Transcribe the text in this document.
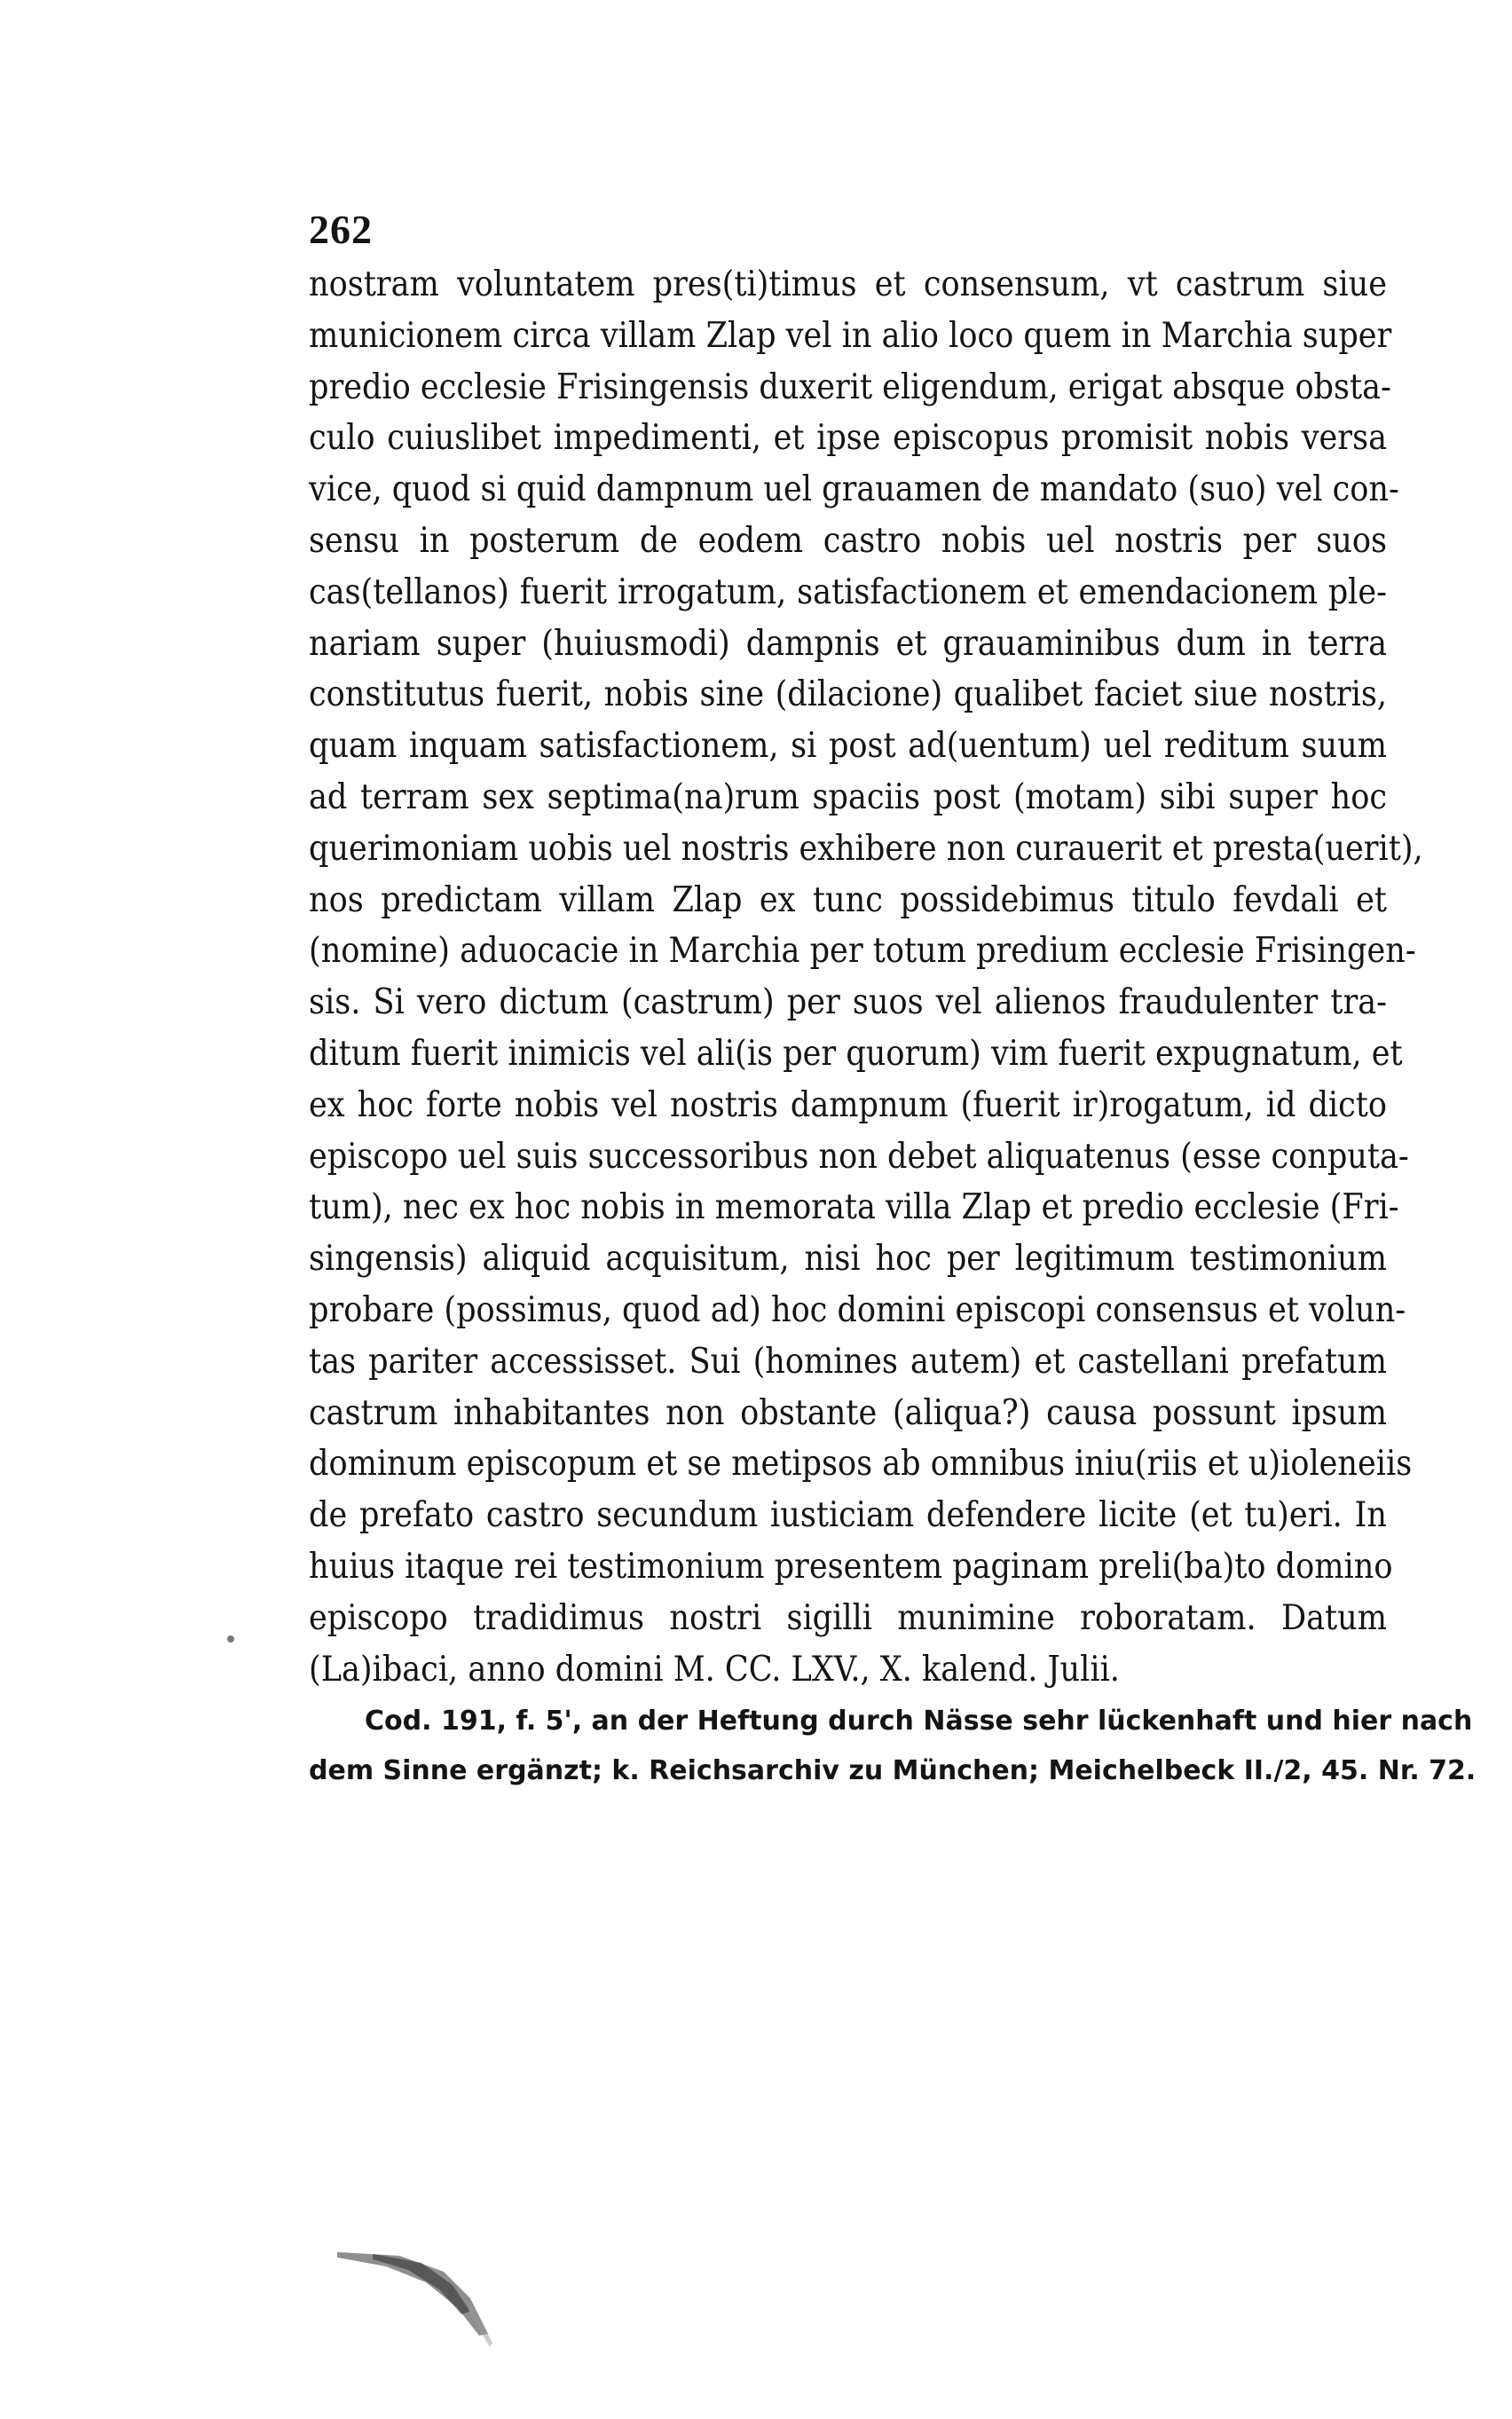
262
nostram voluntatem pres(ti)timus et consensum, vt castrum siue
municionem circa villam Zlap vel in alio loco quem in Marchia super
predio ecclesie Frisingensis duxerit eligendum, erigat absque obsta-
culo cuiuslibet impedimenti, et ipse episcopus promisit nobis versa
vice, quod si quid dampnum uel grauamen de mandato (suo) vel con-
sensu in posterum de eodem castro nobis uel nostris per suos
cas(tellanos) fuerit irrogatum, satisfactionem et emendacionem ple-
nariam super (huiusmodi) dampnis et grauaminibus dum in terra
constitutus fuerit, nobis sine (dilacione) qualibet faciet siue nostris,
quam inquam satisfactionem, si post ad(uentum) uel reditum suum
ad terram sex septima(na)rum spaciis post (motam) sibi super hoc
querimoniam uobis uel nostris exhibere non curauerit et presta(uerit),
nos predictam villam Zlap ex tunc possidebimus titulo fevdali et
(nomine) aduocacie in Marchia per totum predium ecclesie Frisingen-
sis. Si vero dictum (castrum) per suos vel alienos fraudulenter tra-
ditum fuerit inimicis vel ali(is per quorum) vim fuerit expugnatum, et
ex hoc forte nobis vel nostris dampnum (fuerit ir)rogatum, id dicto
episcopo uel suis successoribus non debet aliquatenus (esse conputa-
tum), nec ex hoc nobis in memorata villa Zlap et predio ecclesie (Fri-
singensis) aliquid acquisitum, nisi hoc per legitimum testimonium
probare (possimus, quod ad) hoc domini episcopi consensus et volun-
tas pariter accessisset. Sui (homines autem) et castellani prefatum
castrum inhabitantes non obstante (aliqua?) causa possunt ipsum
dominum episcopum et se metipsos ab omnibus iniu(riis et u)ioleneiis
de prefato castro secundum iusticiam defendere licite (et tu)eri. In
huius itaque rei testimonium presentem paginam preli(ba)to domino
episcopo tradidimus nostri sigilli munimine roboratam. Datum
(La)ibaci, anno domini M. CC. LXV., X. kalend. Julii.
Cod. 191, f. 5', an der Heftung durch Nässe sehr lückenhaft und hier nach
dem Sinne ergänzt; k. Reichsarchiv zu München; Meichelbeck II./2, 45. Nr. 72.
